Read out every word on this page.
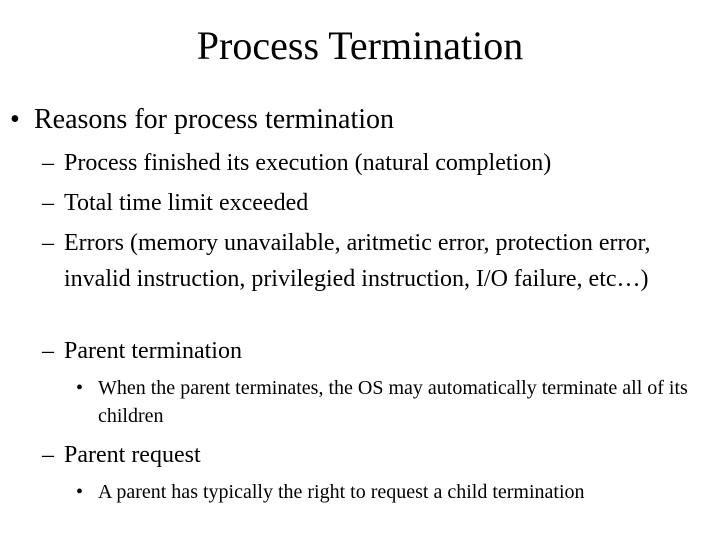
Process Termination
• Reasons for process termination
– Process finished its execution (natural completion)
– Total time limit exceeded
– Errors (memory unavailable, aritmetic error, protection error, invalid instruction, privilegied instruction, I/O failure, etc…)
– Parent termination
• When the parent terminates, the OS may automatically terminate all of its children
– Parent request
• A parent has typically the right to request a child termination
